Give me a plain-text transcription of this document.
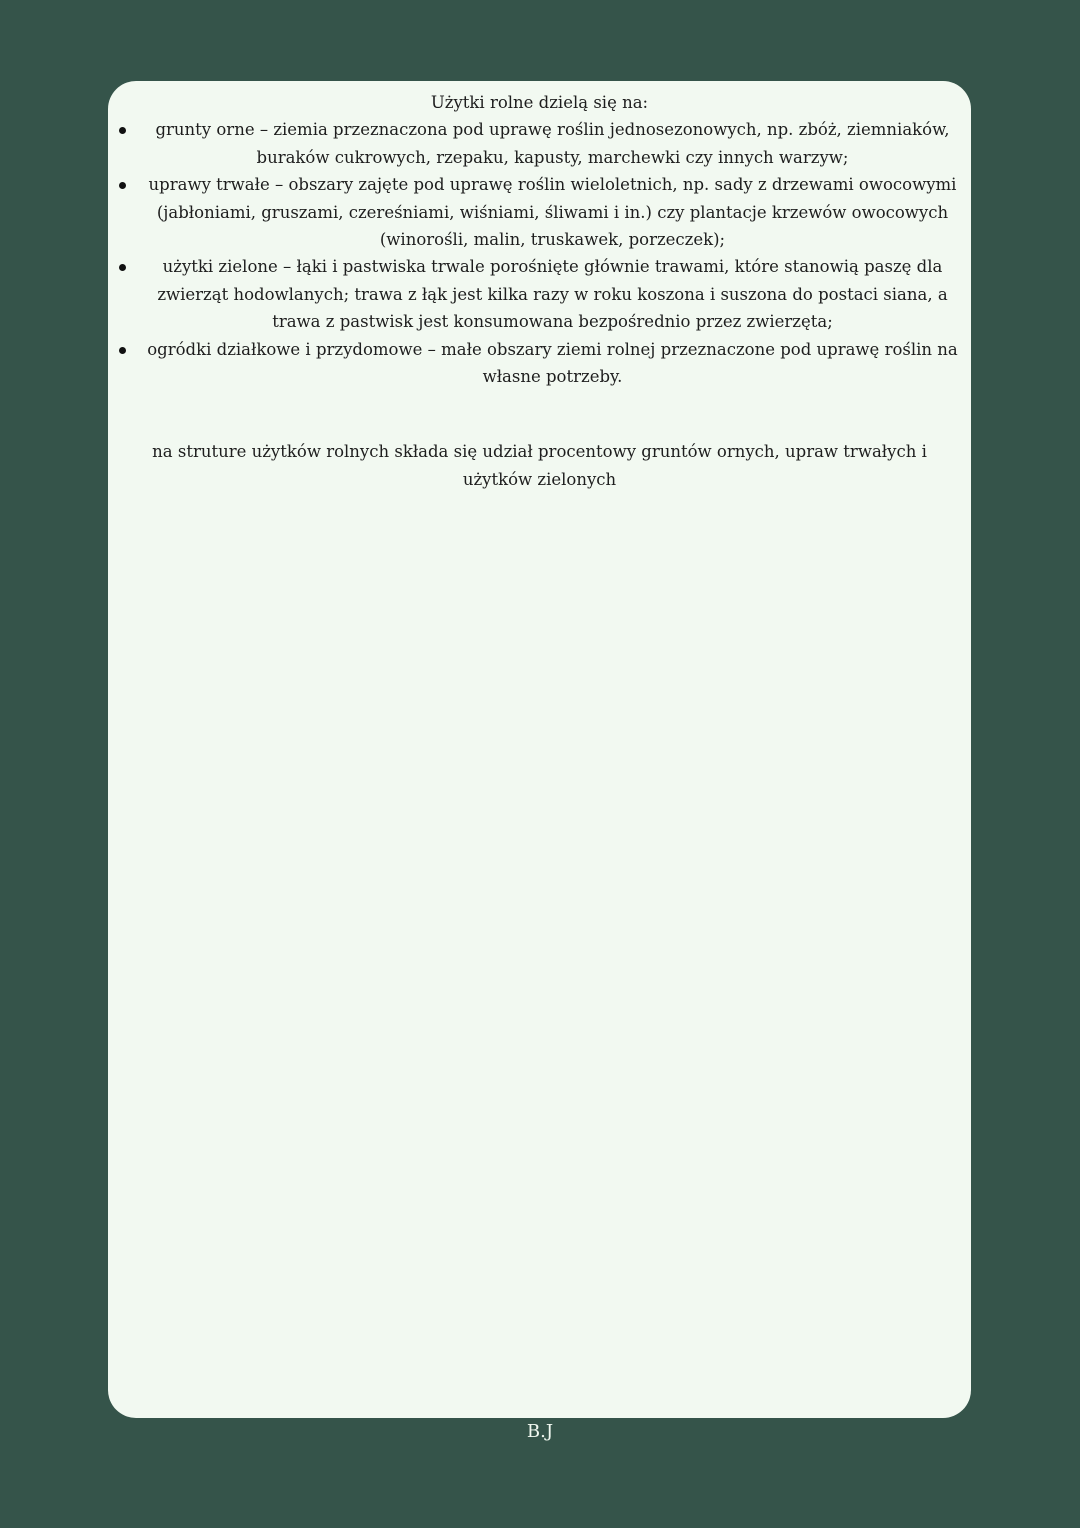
Użytki rolne dzielą się na:

grunty orne – ziemia przeznaczona pod uprawę roślin jednosezonowych, np. zbóż, ziemniaków, buraków cukrowych, rzepaku, kapusty, marchewki czy innych warzyw;
uprawy trwałe – obszary zajęte pod uprawę roślin wieloletnich, np. sady z drzewami owocowymi (jabłoniami, gruszami, czereśniami, wiśniami, śliwami i in.) czy plantacje krzewów owocowych (winorośli, malin, truskawek, porzeczek);
użytki zielone – łąki i pastwiska trwale porośnięte głównie trawami, które stanowią paszę dla zwierząt hodowlanych; trawa z łąk jest kilka razy w roku koszona i suszona do postaci siana, a trawa z pastwisk jest konsumowana bezpośrednio przez zwierzęta;
ogródki działkowe i przydomowe – małe obszary ziemi rolnej przeznaczone pod uprawę roślin na własne potrzeby.

na struture użytków rolnych składa się udział procentowy gruntów ornych, upraw trwałych i użytków zielonych

B.J
